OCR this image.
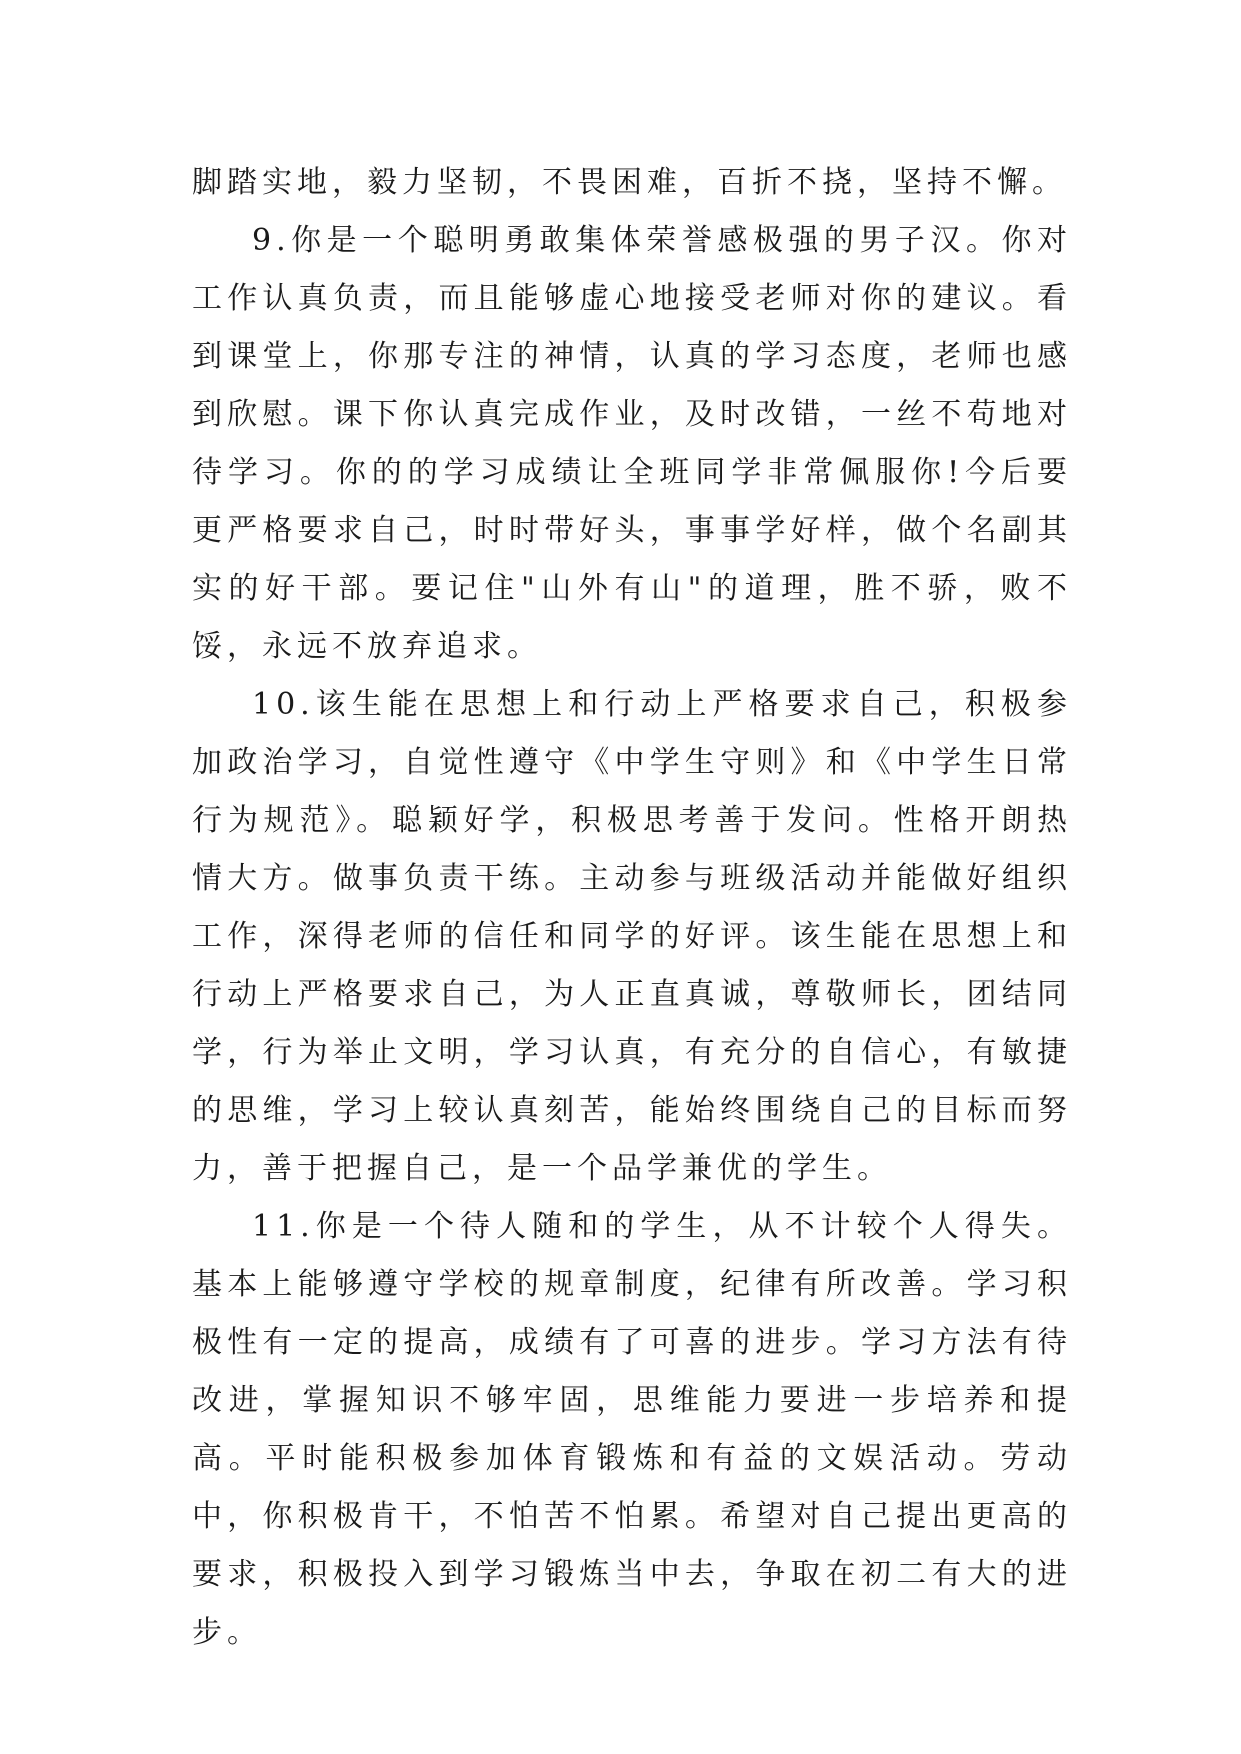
脚踏实地，毅力坚韧，不畏困难，百折不挠，坚持不懈。

9.你是一个聪明勇敢集体荣誉感极强的男子汉。你对工作认真负责，而且能够虚心地接受老师对你的建议。看到课堂上，你那专注的神情，认真的学习态度，老师也感到欣慰。课下你认真完成作业，及时改错，一丝不苟地对待学习。你的的学习成绩让全班同学非常佩服你!今后要更严格要求自己，时时带好头，事事学好样，做个名副其实的好干部。要记住"山外有山"的道理，胜不骄，败不馁，永远不放弃追求。

10.该生能在思想上和行动上严格要求自己，积极参加政治学习，自觉性遵守《中学生守则》和《中学生日常行为规范》。聪颖好学，积极思考善于发问。性格开朗热情大方。做事负责干练。主动参与班级活动并能做好组织工作，深得老师的信任和同学的好评。该生能在思想上和行动上严格要求自己，为人正直真诚，尊敬师长，团结同学，行为举止文明，学习认真，有充分的自信心，有敏捷的思维，学习上较认真刻苦，能始终围绕自己的目标而努力，善于把握自己，是一个品学兼优的学生。

11.你是一个待人随和的学生，从不计较个人得失。基本上能够遵守学校的规章制度，纪律有所改善。学习积极性有一定的提高，成绩有了可喜的进步。学习方法有待改进，掌握知识不够牢固，思维能力要进一步培养和提高。平时能积极参加体育锻炼和有益的文娱活动。劳动中，你积极肯干，不怕苦不怕累。希望对自己提出更高的要求，积极投入到学习锻炼当中去，争取在初二有大的进步。
